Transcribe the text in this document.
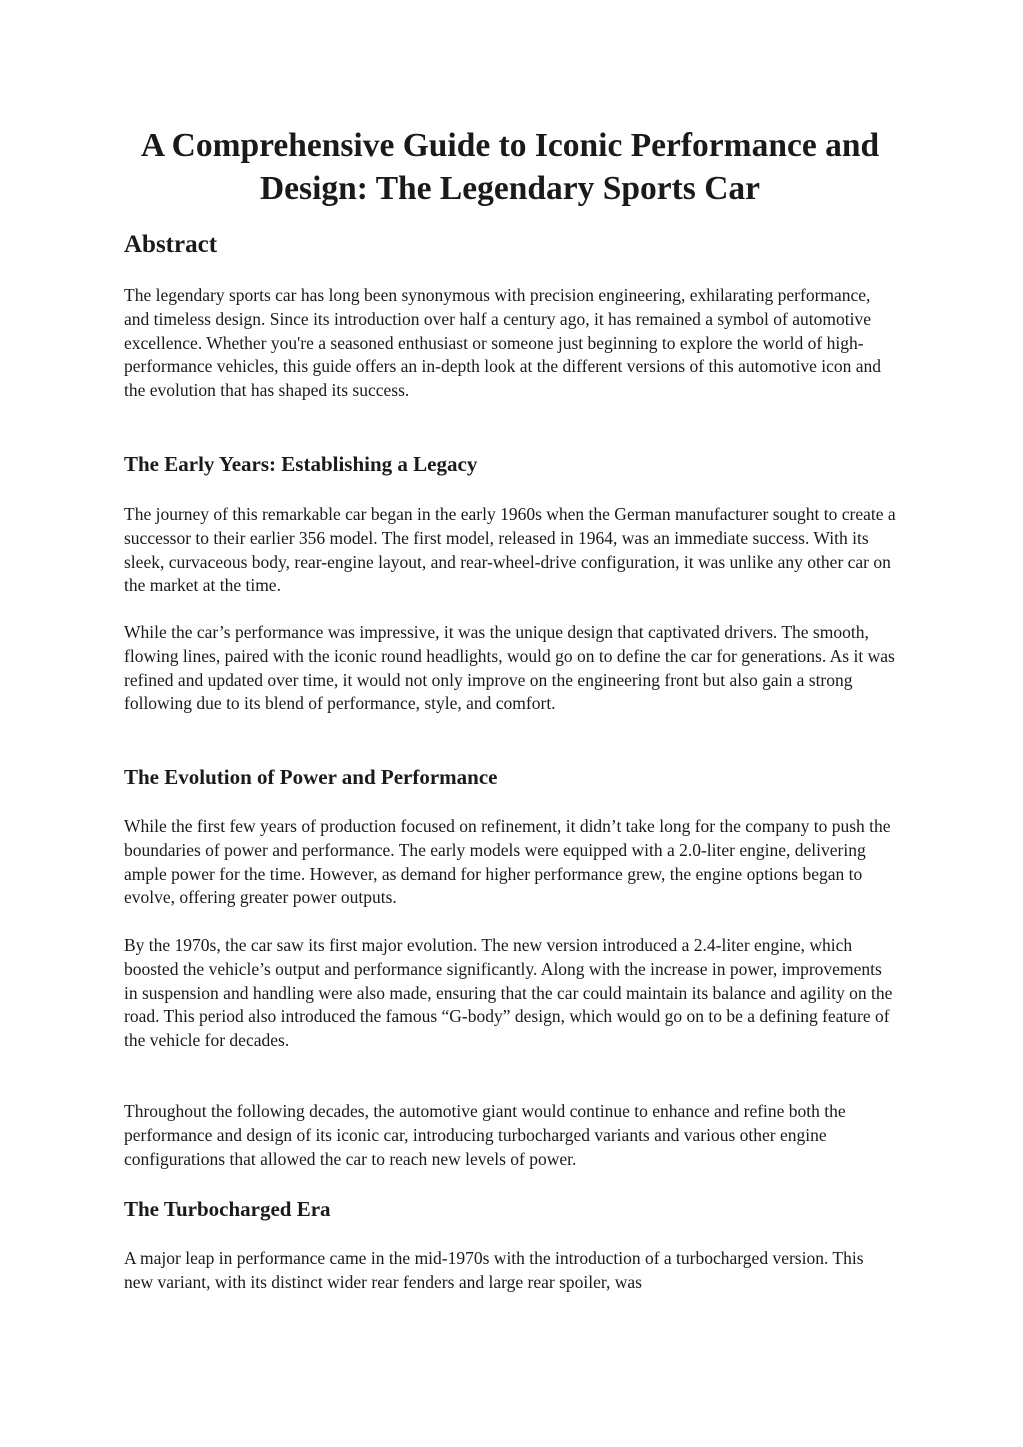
A Comprehensive Guide to Iconic Performance and Design: The Legendary Sports Car
Abstract

The legendary sports car has long been synonymous with precision engineering, exhilarating performance, and timeless design. Since its introduction over half a century ago, it has remained a symbol of automotive excellence. Whether you're a seasoned enthusiast or someone just beginning to explore the world of high-performance vehicles, this guide offers an in-depth look at the different versions of this automotive icon and the evolution that has shaped its success.

The Early Years: Establishing a Legacy

The journey of this remarkable car began in the early 1960s when the German manufacturer sought to create a successor to their earlier 356 model. The first model, released in 1964, was an immediate success. With its sleek, curvaceous body, rear-engine layout, and rear-wheel-drive configuration, it was unlike any other car on the market at the time.

While the car’s performance was impressive, it was the unique design that captivated drivers. The smooth, flowing lines, paired with the iconic round headlights, would go on to define the car for generations. As it was refined and updated over time, it would not only improve on the engineering front but also gain a strong following due to its blend of performance, style, and comfort.

The Evolution of Power and Performance

While the first few years of production focused on refinement, it didn’t take long for the company to push the boundaries of power and performance. The early models were equipped with a 2.0-liter engine, delivering ample power for the time. However, as demand for higher performance grew, the engine options began to evolve, offering greater power outputs.

By the 1970s, the car saw its first major evolution. The new version introduced a 2.4-liter engine, which boosted the vehicle’s output and performance significantly. Along with the increase in power, improvements in suspension and handling were also made, ensuring that the car could maintain its balance and agility on the road. This period also introduced the famous “G-body” design, which would go on to be a defining feature of the vehicle for decades.

Throughout the following decades, the automotive giant would continue to enhance and refine both the performance and design of its iconic car, introducing turbocharged variants and various other engine configurations that allowed the car to reach new levels of power.

The Turbocharged Era

A major leap in performance came in the mid-1970s with the introduction of a turbocharged version. This new variant, with its distinct wider rear fenders and large rear spoiler, was
